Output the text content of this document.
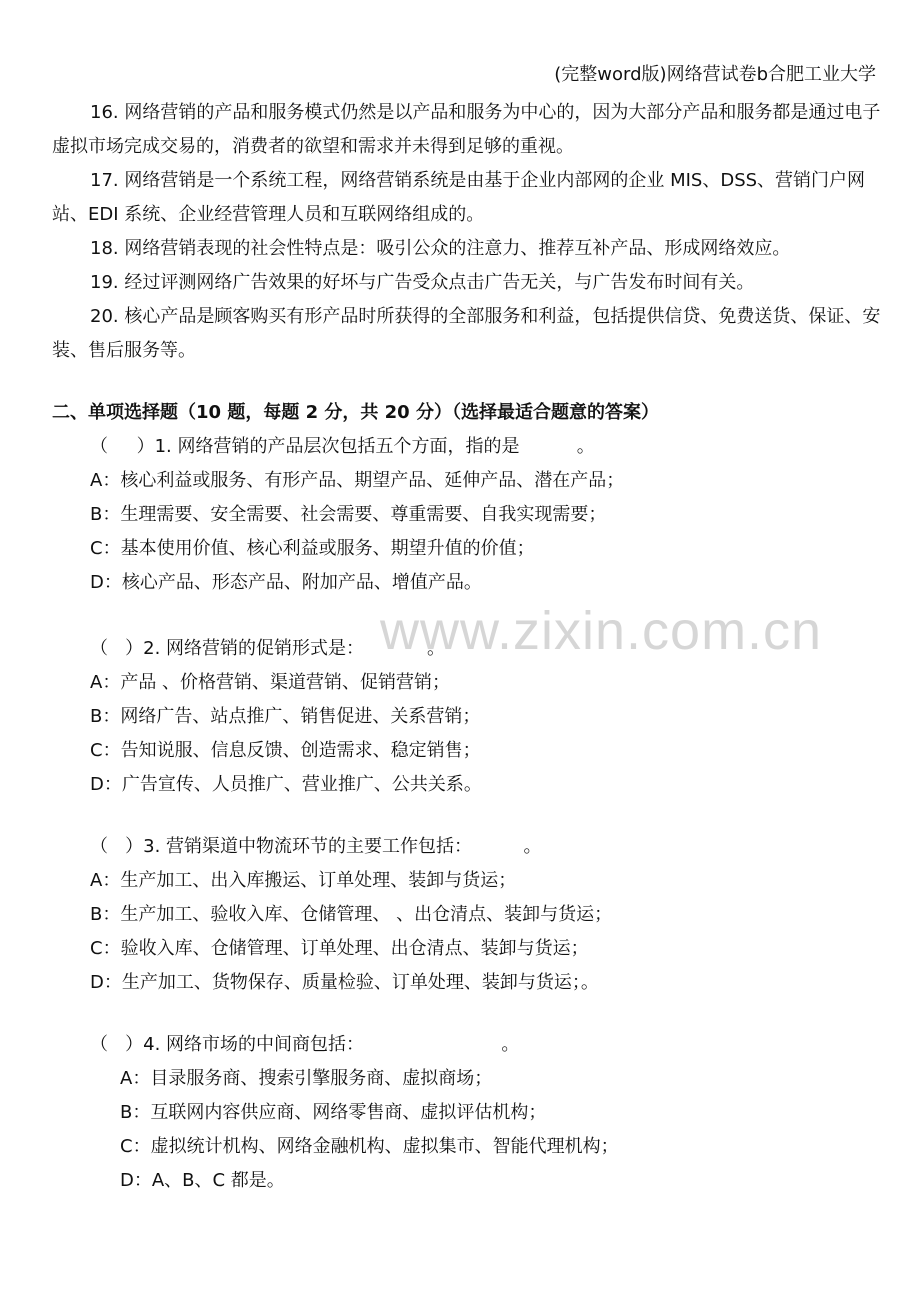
(完整word版)网络营试卷b合肥工业大学

16. 网络营销的产品和服务模式仍然是以产品和服务为中心的，因为大部分产品和服务都是通过电子虚拟市场完成交易的，消费者的欲望和需求并未得到足够的重视。

17. 网络营销是一个系统工程，网络营销系统是由基于企业内部网的企业 MIS、DSS、营销门户网站、EDI 系统、企业经营管理人员和互联网络组成的。

18. 网络营销表现的社会性特点是：吸引公众的注意力、推荐互补产品、形成网络效应。

19. 经过评测网络广告效果的好坏与广告受众点击广告无关，与广告发布时间有关。

20. 核心产品是顾客购买有形产品时所获得的全部服务和利益，包括提供信贷、免费送货、保证、安装、售后服务等。

二、单项选择题（10 题，每题 2 分，共 20 分）（选择最适合题意的答案）
（     ）1. 网络营销的产品层次包括五个方面，指的是          。
A：核心利益或服务、有形产品、期望产品、延伸产品、潜在产品；
B：生理需要、安全需要、社会需要、尊重需要、自我实现需要；
C：基本使用价值、核心利益或服务、期望升值的价值；
D：核心产品、形态产品、附加产品、增值产品。
（   ）2. 网络营销的促销形式是：           。
A：产品 、价格营销、渠道营销、促销营销；
B：网络广告、站点推广、销售促进、关系营销；
C：告知说服、信息反馈、创造需求、稳定销售；
D：广告宣传、人员推广、营业推广、公共关系。
（   ）3. 营销渠道中物流环节的主要工作包括：         。
A：生产加工、出入库搬运、订单处理、装卸与货运；
B：生产加工、验收入库、仓储管理、 、出仓清点、装卸与货运；
C：验收入库、仓储管理、订单处理、出仓清点、装卸与货运；
D：生产加工、货物保存、质量检验、订单处理、装卸与货运；。
（   ）4. 网络市场的中间商包括：                        。
A：目录服务商、搜索引擎服务商、虚拟商场；
B：互联网内容供应商、网络零售商、虚拟评估机构；
C：虚拟统计机构、网络金融机构、虚拟集市、智能代理机构；
D：A、B、C 都是。
www.zixin.com.cn
